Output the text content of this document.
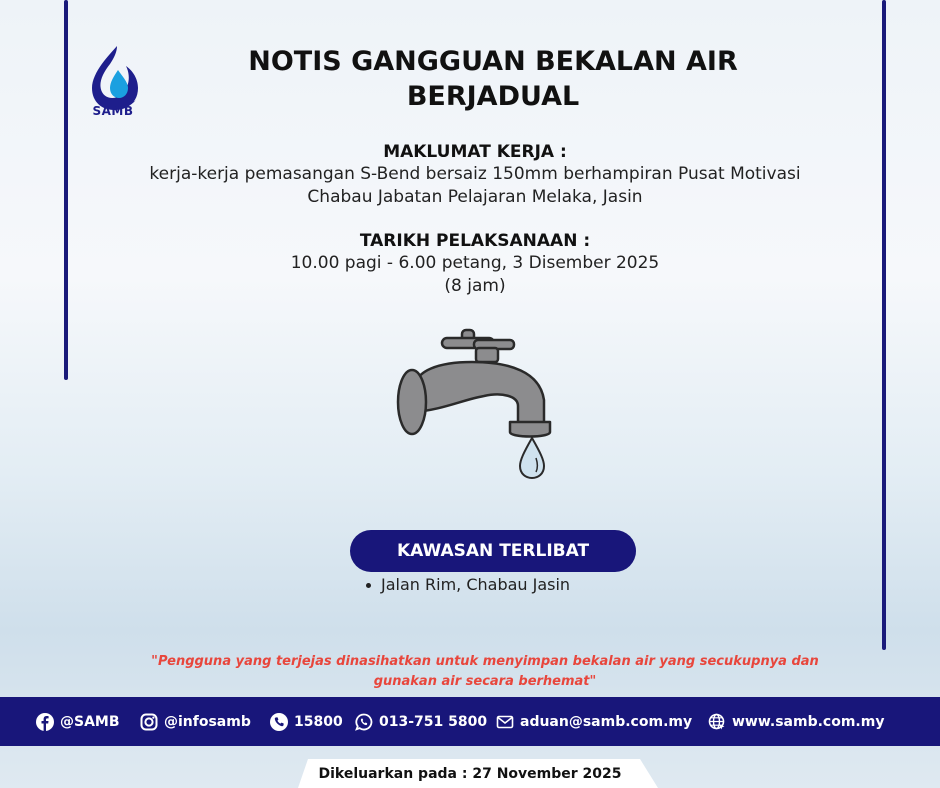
SAMB
NOTIS GANGGUAN BEKALAN AIR
BERJADUAL
MAKLUMAT KERJA :
kerja-kerja pemasangan S-Bend bersaiz 150mm berhampiran Pusat Motivasi
Chabau Jabatan Pelajaran Melaka, Jasin
TARIKH PELAKSANAAN :
10.00 pagi - 6.00 petang, 3 Disember 2025
(8 jam)
KAWASAN TERLIBAT
Jalan Rim, Chabau Jasin
"Pengguna yang terjejas dinasihatkan untuk menyimpan bekalan air yang secukupnya dan
gunakan air secara berhemat"
@SAMB	@infosamb	15800	013-751 5800 aduan@samb.com.my	www.samb.com.my
Dikeluarkan pada : 27 November 2025
